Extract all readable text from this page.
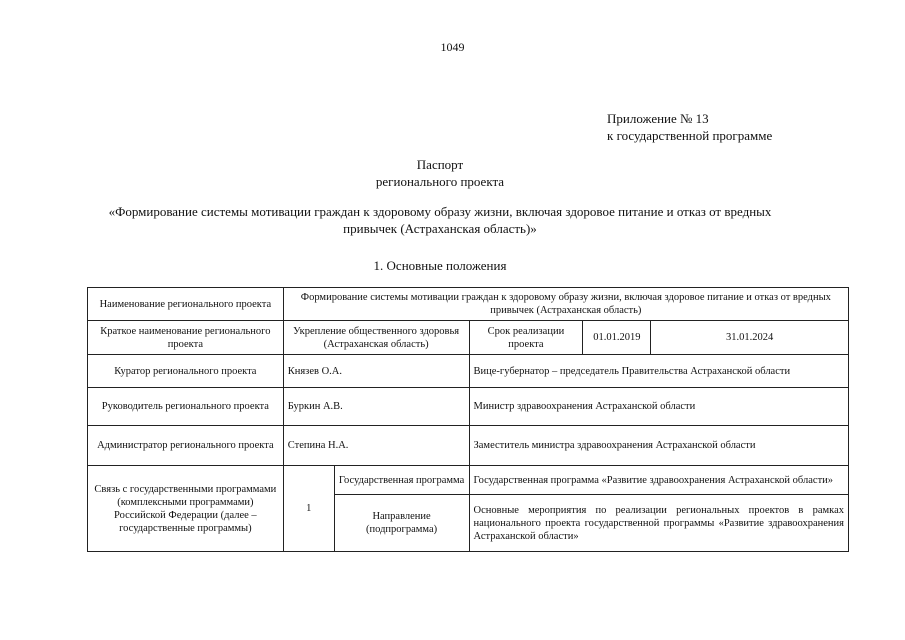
1049
Приложение № 13
к государственной программе
Паспорт
регионального проекта
«Формирование системы мотивации граждан к здоровому образу жизни, включая здоровое питание и отказ от вредных привычек (Астраханская область)»
1. Основные положения
Наименование регионального проекта	Формирование системы мотивации граждан к здоровому образу жизни, включая здоровое питание и отказ от вредных привычек (Астраханская область)				
Краткое наименование регионального проекта	Укрепление общественного здоровья (Астраханская область)		Срок реализации проекта	01.01.2019	31.01.2024
Куратор регионального проекта	Князев О.А.		Вице-губернатор – председатель Правительства Астраханской области		
Руководитель регионального проекта	Буркин А.В.		Министр здравоохранения Астраханской области		
Администратор регионального проекта	Степина Н.А.		Заместитель министра здравоохранения Астраханской области		
Связь с государственными программами (комплексными программами) Российской Федерации (далее – государственные программы)	1	Государственная программа	Государственная программа «Развитие здравоохранения Астраханской области»		
		Направление (подпрограмма)	Основные мероприятия по реализации региональных проектов в рамках национального проекта государственной программы «Развитие здравоохранения Астраханской области»		
